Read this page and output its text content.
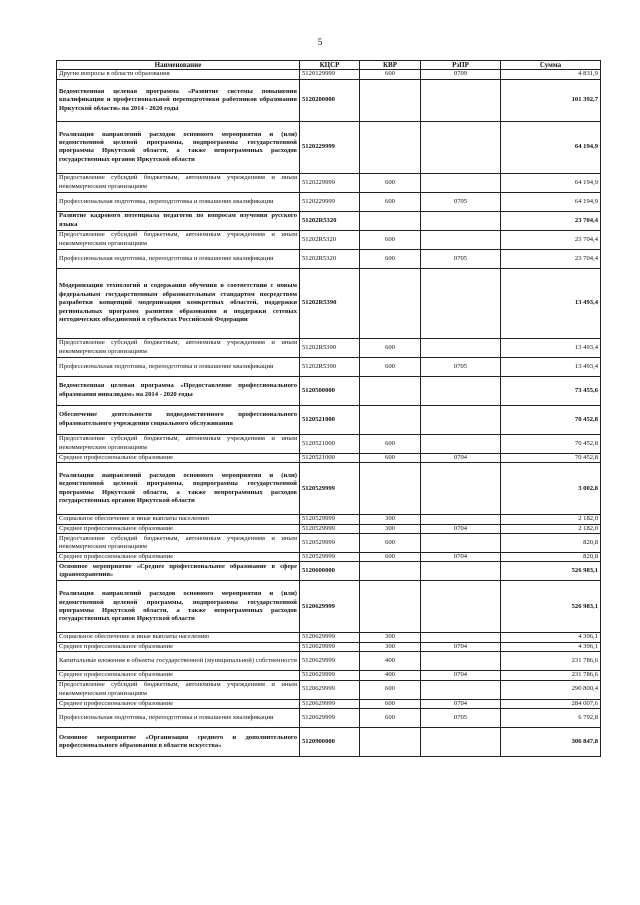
5
Наименование	КЦСР	КВР	РзПР	Сумма
Другие вопросы в области образования	5120129999	600	0709	4 831,9
Ведомственная целевая программа «Развитие системы повышения квалификации и профессиональной переподготовки работников образования Иркутской области» на 2014 - 2020 годы	5120200000			101 392,7
Реализация направлений расходов основного мероприятия и (или) ведомственной целевой программы, подпрограммы государственной программы Иркутской области, а также непрограммных расходов государственных органов Иркутской области	5120229999			64 194,9
Предоставление субсидий бюджетным, автономным учреждениям и иным некоммерческим организациям	5120229999	600		64 194,9
Профессиональная подготовка, переподготовка и повышение квалификации	5120229999	600	0705	64 194,9
Развитие кадрового потенциала педагогов по вопросам изучения русского языка	51202R5320			23 704,4
Предоставление субсидий бюджетным, автономным учреждениям и иным некоммерческим организациям	51202R5320	600		23 704,4
Профессиональная подготовка, переподготовка и повышение квалификации	51202R5320	600	0705	23 704,4
Модернизация технологий и содержания обучения в соответствии с новым федеральным государственным образовательным стандартом посредством разработки концепций модернизации конкретных областей, поддержки региональных программ развития образования и поддержки сетевых методических объединений в субъектах Российской Федерации	51202R5390			13 493,4
Предоставление субсидий бюджетным, автономным учреждениям и иным некоммерческим организациям	51202R5390	600		13 493,4
Профессиональная подготовка, переподготовка и повышение квалификации	51202R5390	600	0705	13 493,4
Ведомственная целевая программа «Предоставление профессионального образования инвалидам» на 2014 - 2020 годы	5120500000			73 455,6
Обеспечение деятельности подведомственного профессионального образовательного учреждения социального обслуживания	5120521000			70 452,8
Предоставление субсидий бюджетным, автономным учреждениям и иным некоммерческим организациям	5120521000	600		70 452,8
Среднее профессиональное образование	5120521000	600	0704	70 452,8
Реализация направлений расходов основного мероприятия и (или) ведомственной целевой программы, подпрограммы государственной программы Иркутской области, а также непрограммных расходов государственных органов Иркутской области	5120529999			3 002,8
Социальное обеспечение и иные выплаты населению	5120529999	300		2 182,0
Среднее профессиональное образование	5120529999	300	0704	2 182,0
Предоставление субсидий бюджетным, автономным учреждениям и иным некоммерческим организациям	5120529999	600		820,8
Среднее профессиональное образование	5120529999	600	0704	820,8
Основное мероприятие «Среднее профессиональное образование в сфере здравоохранения»	5120600000			526 983,1
Реализация направлений расходов основного мероприятия и (или) ведомственной целевой программы, подпрограммы государственной программы Иркутской области, а также непрограммных расходов государственных органов Иркутской области	5120629999			526 983,1
Социальное обеспечение и иные выплаты населению	5120629999	300		4 396,1
Среднее профессиональное образование	5120629999	300	0704	4 396,1
Капитальные вложения в объекты государственной (муниципальной) собственности	5120629999	400		231 786,6
Среднее профессиональное образование	5120629999	400	0704	231 786,6
Предоставление субсидий бюджетным, автономным учреждениям и иным некоммерческим организациям	5120629999	600		290 800,4
Среднее профессиональное образование	5120629999	600	0704	284 007,6
Профессиональная подготовка, переподготовка и повышение квалификации	5120629999	600	0705	6 792,8
Основное мероприятие «Организация среднего и дополнительного профессионального образования в области искусства»	5120900000			306 847,8
